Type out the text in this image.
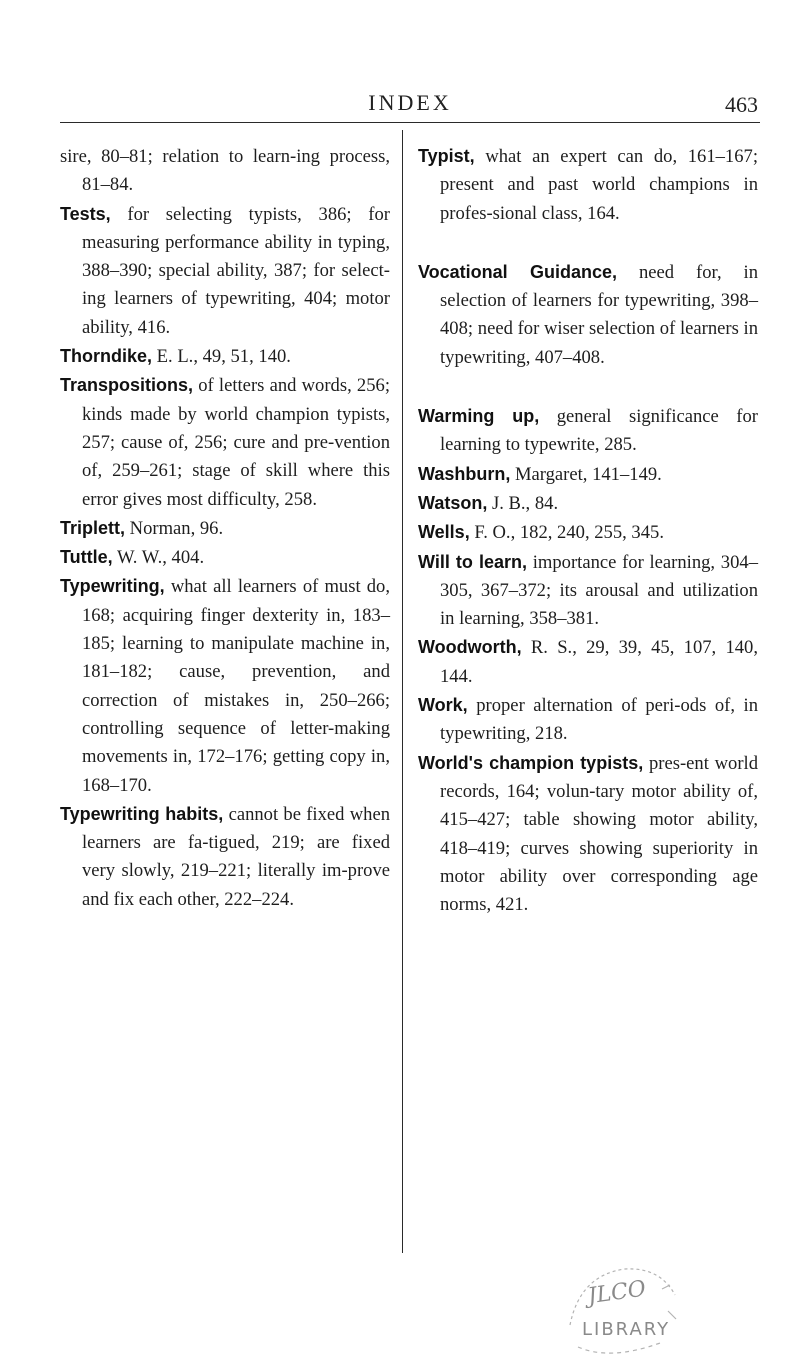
INDEX	463

sire, 80–81; relation to learn-ing process, 81–84.

Tests, for selecting typists, 386; for measuring performance ability in typing, 388–390; special ability, 387; for select-ing learners of typewriting, 404; motor ability, 416.

Thorndike, E. L., 49, 51, 140.

Transpositions, of letters and words, 256; kinds made by world champion typists, 257; cause of, 256; cure and pre-vention of, 259–261; stage of skill where this error gives most difficulty, 258.

Triplett, Norman, 96.

Tuttle, W. W., 404.

Typewriting, what all learners of must do, 168; acquiring finger dexterity in, 183–185; learning to manipulate machine in, 181–182; cause, prevention, and correction of mistakes in, 250–266; controlling sequence of letter-making movements in, 172–176; getting copy in, 168–170.

Typewriting habits, cannot be fixed when learners are fa-tigued, 219; are fixed very slowly, 219–221; literally im-prove and fix each other, 222–224.

Typist, what an expert can do, 161–167; present and past world champions in profes-sional class, 164.

Vocational Guidance, need for, in selection of learners for typewriting, 398–408; need for wiser selection of learners in typewriting, 407–408.

Warming up, general significance for learning to typewrite, 285.

Washburn, Margaret, 141–149.

Watson, J. B., 84.

Wells, F. O., 182, 240, 255, 345.

Will to learn, importance for learning, 304–305, 367–372; its arousal and utilization in learning, 358–381.

Woodworth, R. S., 29, 39, 45, 107, 140, 144.

Work, proper alternation of peri-ods of, in typewriting, 218.

World's champion typists, pres-ent world records, 164; volun-tary motor ability of, 415–427; table showing motor ability, 418–419; curves showing superiority in motor ability over corresponding age norms, 421.

JLCO
LIBRARY
